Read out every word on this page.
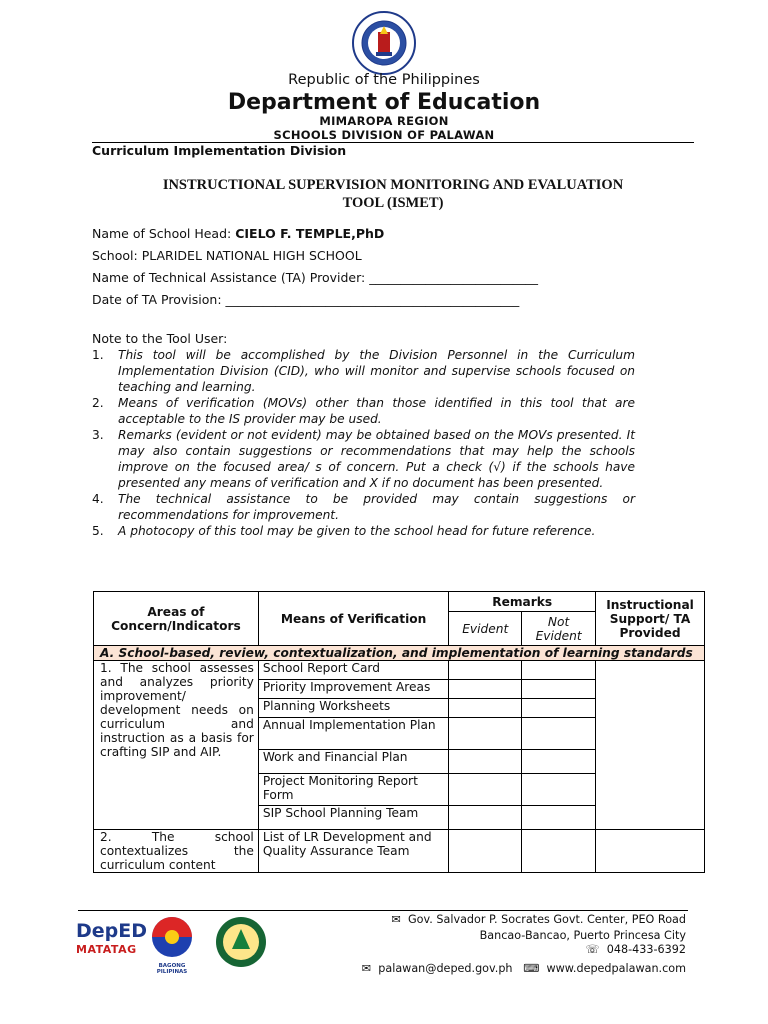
Republic of the Philippines
Department of Education
MIMAROPA REGION
SCHOOLS DIVISION OF PALAWAN
Curriculum Implementation Division
INSTRUCTIONAL SUPERVISION MONITORING AND EVALUATION
TOOL (ISMET)
Name of School Head: CIELO F. TEMPLE,PhD
School: PLARIDEL NATIONAL HIGH SCHOOL
Name of Technical Assistance (TA) Provider: ___________________________
Date of TA Provision: _______________________________________________
Note to the Tool User:
1. This tool will be accomplished by the Division Personnel in the Curriculum Implementation Division (CID), who will monitor and supervise schools focused on teaching and learning.
2. Means of verification (MOVs) other than those identified in this tool that are acceptable to the IS provider may be used.
3. Remarks (evident or not evident) may be obtained based on the MOVs presented. It may also contain suggestions or recommendations that may help the schools improve on the focused area/ s of concern. Put a check (√) if the schools have presented any means of verification and X if no document has been presented.
4. The technical assistance to be provided may contain suggestions or recommendations for improvement.
5. A photocopy of this tool may be given to the school head for future reference.
Areas of Concern/Indicators	Means of Verification	Remarks		Instructional Support/ TA Provided
		Evident	Not Evident	
A. School-based, review, contextualization, and implementation of learning standards				

1. The school assesses and analyzes priority improvement/ development needs on curriculum and instruction as a basis for crafting SIP and AIP.	School Report Card			
	Priority Improvement Areas			
	Planning Worksheets			
	Annual Implementation Plan			
	Work and Financial Plan			
	Project Monitoring Report Form			
	SIP School Planning Team			
2. The school contextualizes the curriculum content	List of LR Development and Quality Assurance Team			
DepED
MATATAG
BAGONG PILIPINAS
✉ Gov. Salvador P. Socrates Govt. Center, PEO Road
Bancao-Bancao, Puerto Princesa City
☏ 048-433-6392
✉ palawan@deped.gov.ph ⌨ www.depedpalawan.com
